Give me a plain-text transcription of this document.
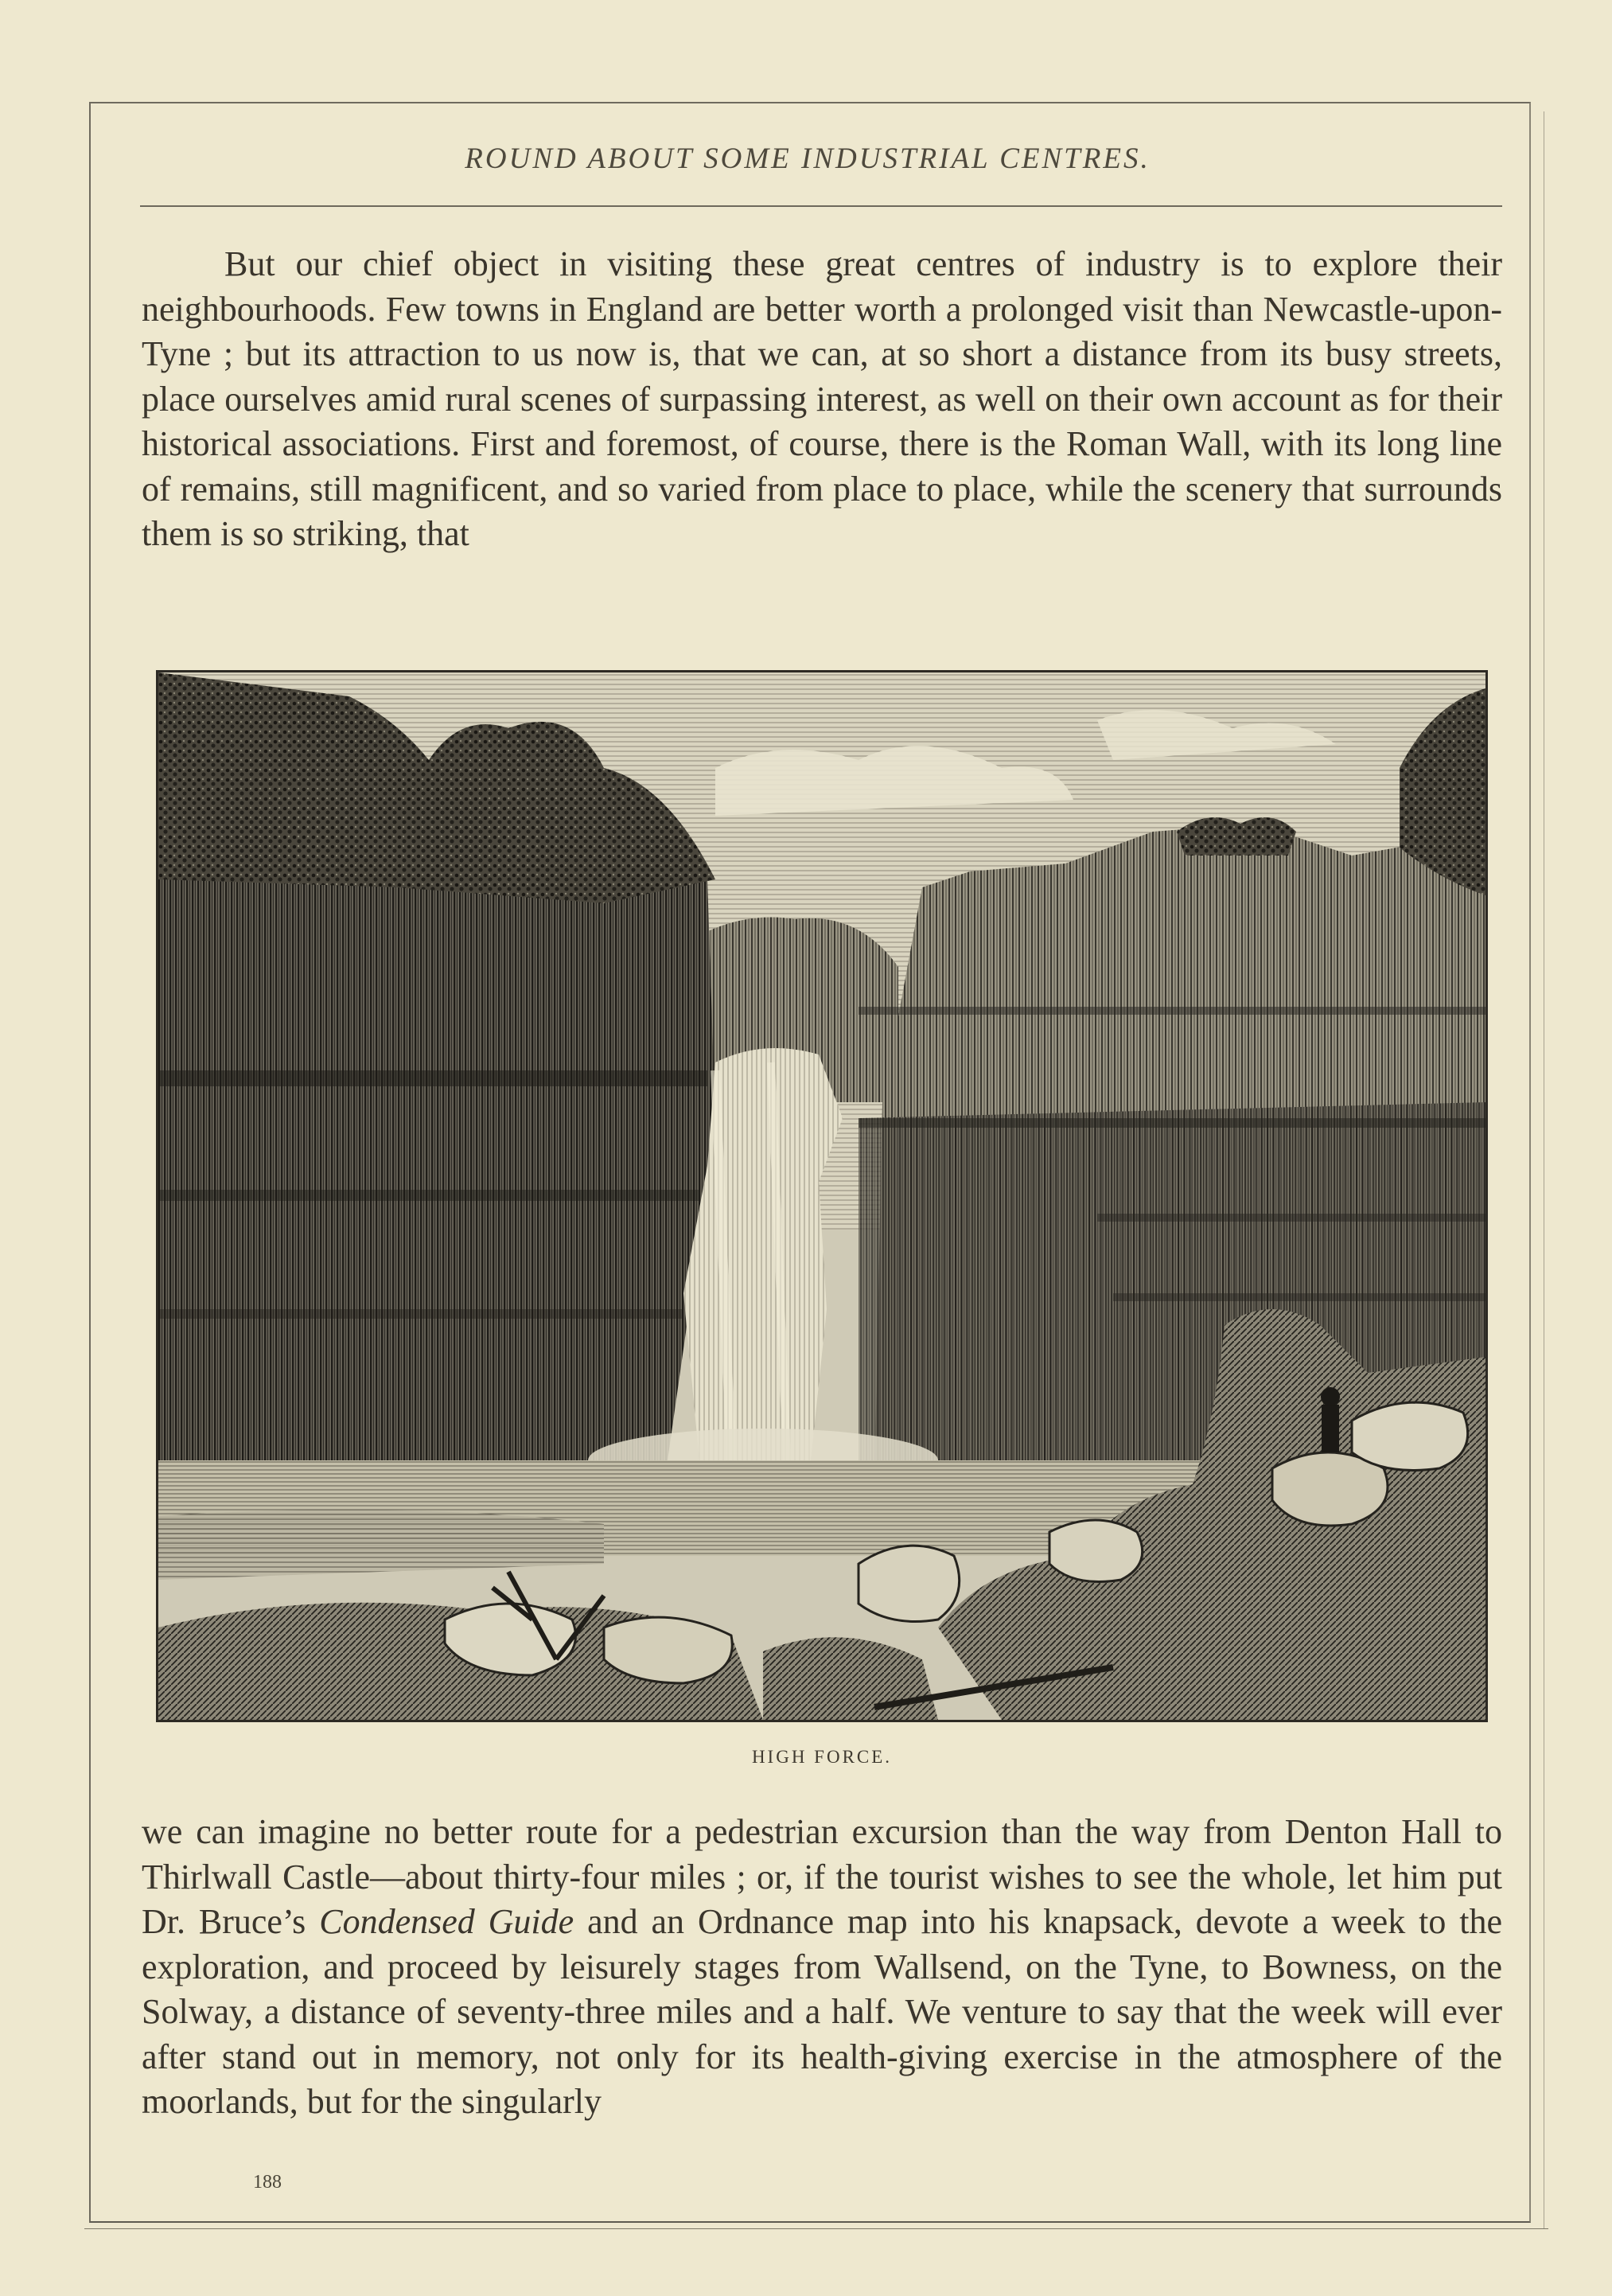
ROUND ABOUT SOME INDUSTRIAL CENTRES.

But our chief object in visiting these great centres of industry is to explore their neighbourhoods. Few towns in England are better worth a prolonged visit than Newcastle-upon-Tyne ; but its attraction to us now is, that we can, at so short a distance from its busy streets, place ourselves amid rural scenes of surpassing interest, as well on their own account as for their historical associations. First and foremost, of course, there is the Roman Wall, with its long line of remains, still magnificent, and so varied from place to place, while the scenery that surrounds them is so striking, that

HIGH FORCE.

we can imagine no better route for a pedestrian excursion than the way from Denton Hall to Thirlwall Castle—about thirty-four miles ; or, if the tourist wishes to see the whole, let him put Dr. Bruce’s Condensed Guide and an Ordnance map into his knapsack, devote a week to the exploration, and proceed by leisurely stages from Wallsend, on the Tyne, to Bowness, on the Solway, a distance of seventy-three miles and a half. We venture to say that the week will ever after stand out in memory, not only for its health-giving exercise in the atmosphere of the moorlands, but for the singularly

188
